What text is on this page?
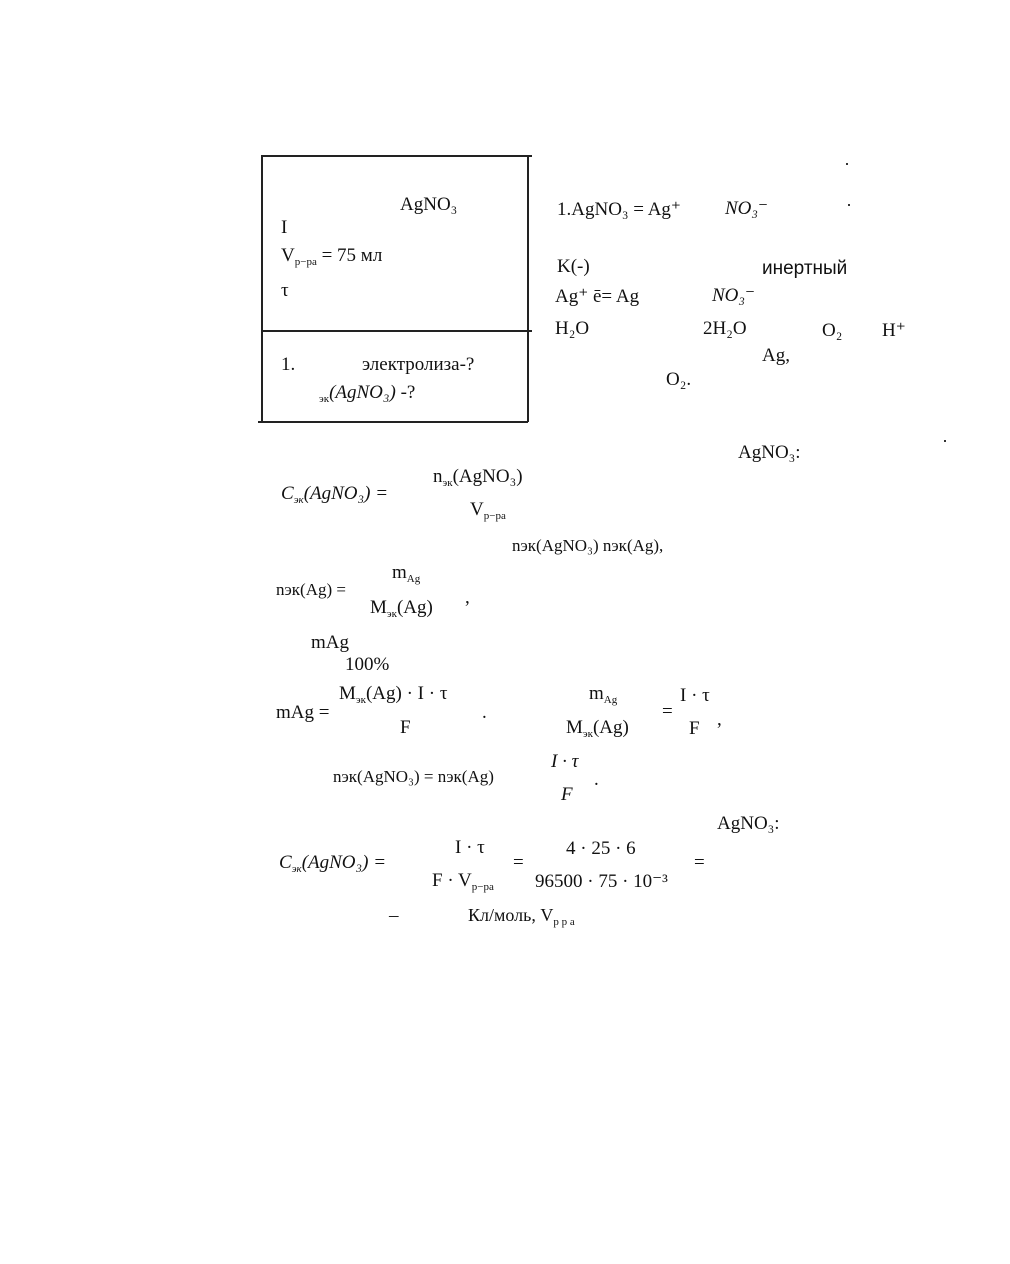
AgNO₃
I
$V_{р-ра} = 75$ мл
τ
1.	электролиза-?
$_{эк}$(AgNO₃) -?
1.AgNO₃ = Ag⁺ NO₃⁻
K(-)	инертный
Ag⁺ ē= Ag	NO₃⁻
H₂O	2H₂O	O₂ H⁺
Ag,
O₂.
AgNO₃:
$C_{эк}(AgNO_3)$ =
$n_{эк}(AgNO_3)$
$V_{р-ра}$
nэк(AgNO₃) nэк(Ag),
nэк(Ag) =
$m_{Ag}$
$M_{эк}(Ag)$ ,
mAg
100%
mAg =
$M_{эк}(Ag) \cdot I \cdot \tau$
F
.
$m_{Ag}$
$M_{эк}(Ag)$
=
I · τ
F ,
nэк(AgNO₃) = nэк(Ag)
I · τ
F
.
AgNO₃:
$C_{эк}(AgNO_3)$ =
I · τ
$F \cdot V_{р-ра}$
=
4 · 25 · 6
96500 · 75 · 10⁻³
=
–	Кл/моль, $V_{р р а}$
